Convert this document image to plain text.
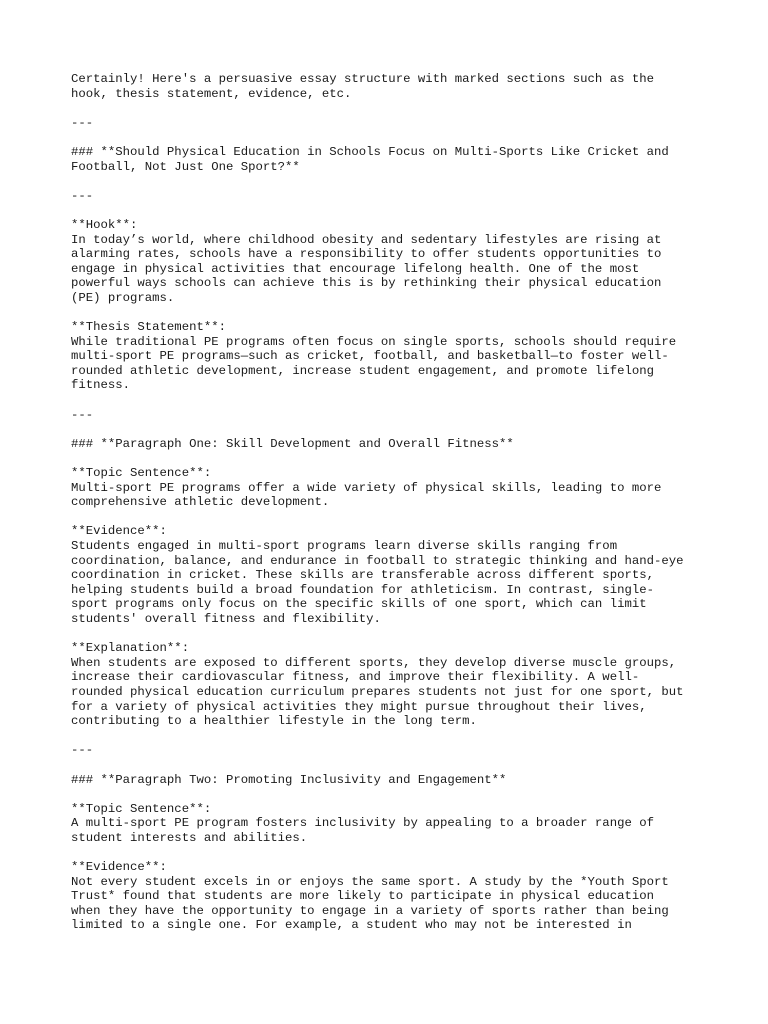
Certainly! Here's a persuasive essay structure with marked sections such as the
hook, thesis statement, evidence, etc.
---
### **Should Physical Education in Schools Focus on Multi-Sports Like Cricket and
Football, Not Just One Sport?**
---
**Hook**:
In today’s world, where childhood obesity and sedentary lifestyles are rising at
alarming rates, schools have a responsibility to offer students opportunities to
engage in physical activities that encourage lifelong health. One of the most
powerful ways schools can achieve this is by rethinking their physical education
(PE) programs.
**Thesis Statement**:
While traditional PE programs often focus on single sports, schools should require
multi-sport PE programs—such as cricket, football, and basketball—to foster well-
rounded athletic development, increase student engagement, and promote lifelong
fitness.
---
### **Paragraph One: Skill Development and Overall Fitness**
**Topic Sentence**:
Multi-sport PE programs offer a wide variety of physical skills, leading to more
comprehensive athletic development.
**Evidence**:
Students engaged in multi-sport programs learn diverse skills ranging from
coordination, balance, and endurance in football to strategic thinking and hand-eye
coordination in cricket. These skills are transferable across different sports,
helping students build a broad foundation for athleticism. In contrast, single-
sport programs only focus on the specific skills of one sport, which can limit
students' overall fitness and flexibility.
**Explanation**:
When students are exposed to different sports, they develop diverse muscle groups,
increase their cardiovascular fitness, and improve their flexibility. A well-
rounded physical education curriculum prepares students not just for one sport, but
for a variety of physical activities they might pursue throughout their lives,
contributing to a healthier lifestyle in the long term.
---
### **Paragraph Two: Promoting Inclusivity and Engagement**
**Topic Sentence**:
A multi-sport PE program fosters inclusivity by appealing to a broader range of
student interests and abilities.
**Evidence**:
Not every student excels in or enjoys the same sport. A study by the *Youth Sport
Trust* found that students are more likely to participate in physical education
when they have the opportunity to engage in a variety of sports rather than being
limited to a single one. For example, a student who may not be interested in
